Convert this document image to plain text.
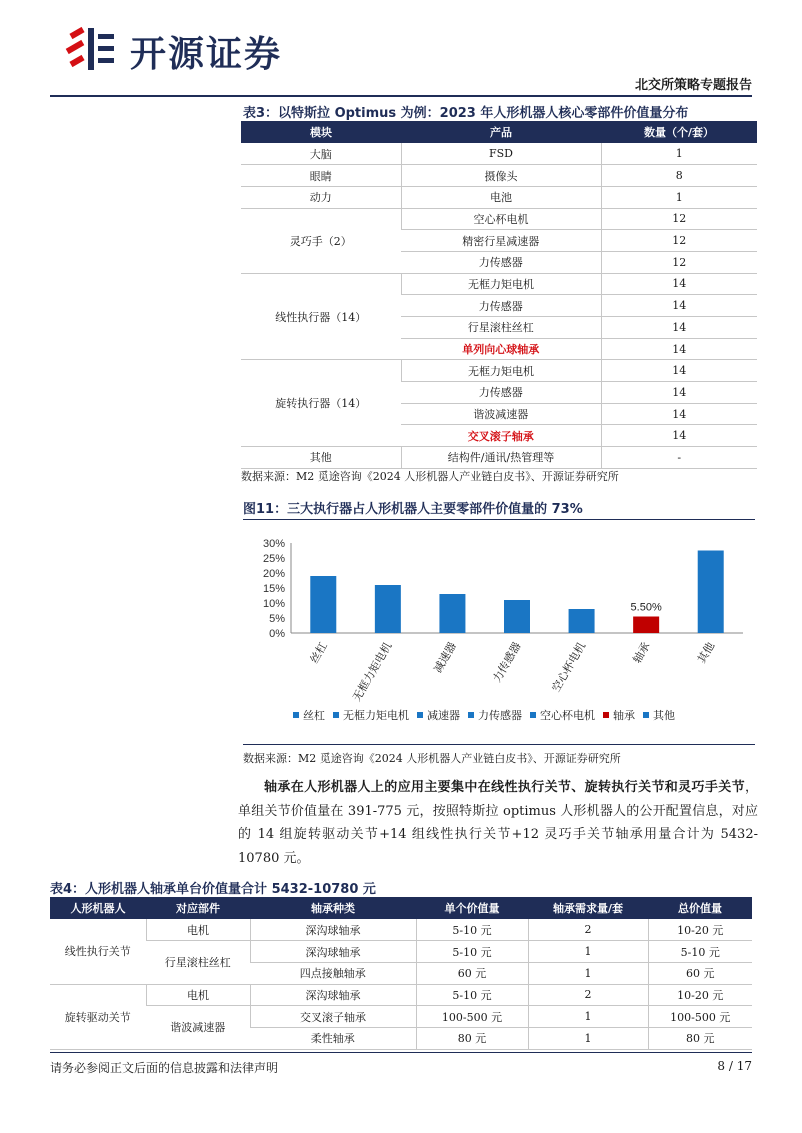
开源证券
北交所策略专题报告
表3：以特斯拉 Optimus 为例：2023 年人形机器人核心零部件价值量分布
模块	产品	数量（个/套）
大脑	FSD	1
眼睛	摄像头	8
动力	电池	1
灵巧手（2）	空心杯电机	12
	精密行星减速器	12
	力传感器	12
线性执行器（14）	无框力矩电机	14
	力传感器	14
	行星滚柱丝杠	14
	单列向心球轴承	14
旋转执行器（14）	无框力矩电机	14
	力传感器	14
	谐波减速器	14
	交叉滚子轴承	14
其他	结构件/通讯/热管理等	-
数据来源：M2 觅途咨询《2024 人形机器人产业链白皮书》、开源证券研究所
图11：三大执行器占人形机器人主要零部件价值量的 73%
0%
5%
10%
15%
20%
25%
30%
丝杠 无框力矩电机	减速器	力传感器 空心杯电机
5.50%
轴承	其他
丝杠 无框力矩电机 减速器 力传感器 空心杯电机 轴承 其他
数据来源：M2 觅途咨询《2024 人形机器人产业链白皮书》、开源证券研究所
轴承在人形机器人上的应用主要集中在线性执行关节、旋转执行关节和灵巧手关节，单组关节价值量在 391-775 元，按照特斯拉 optimus 人形机器人的公开配置信息，对应的 14 组旋转驱动关节+14 组线性执行关节+12 灵巧手关节轴承用量合计为 5432-10780 元。
表4：人形机器人轴承单台价值量合计 5432-10780 元
人形机器人	对应部件	轴承种类	单个价值量	轴承需求量/套	总价值量
线性执行关节	电机	深沟球轴承	5-10 元	2	10-20 元
	行星滚柱丝杠	深沟球轴承	5-10 元	1	5-10 元
		四点接触轴承	60 元	1	60 元
旋转驱动关节	电机	深沟球轴承	5-10 元	2	10-20 元
	谐波减速器	交叉滚子轴承	100-500 元	1	100-500 元
		柔性轴承	80 元	1	80 元
请务必参阅正文后面的信息披露和法律声明	8 / 17
